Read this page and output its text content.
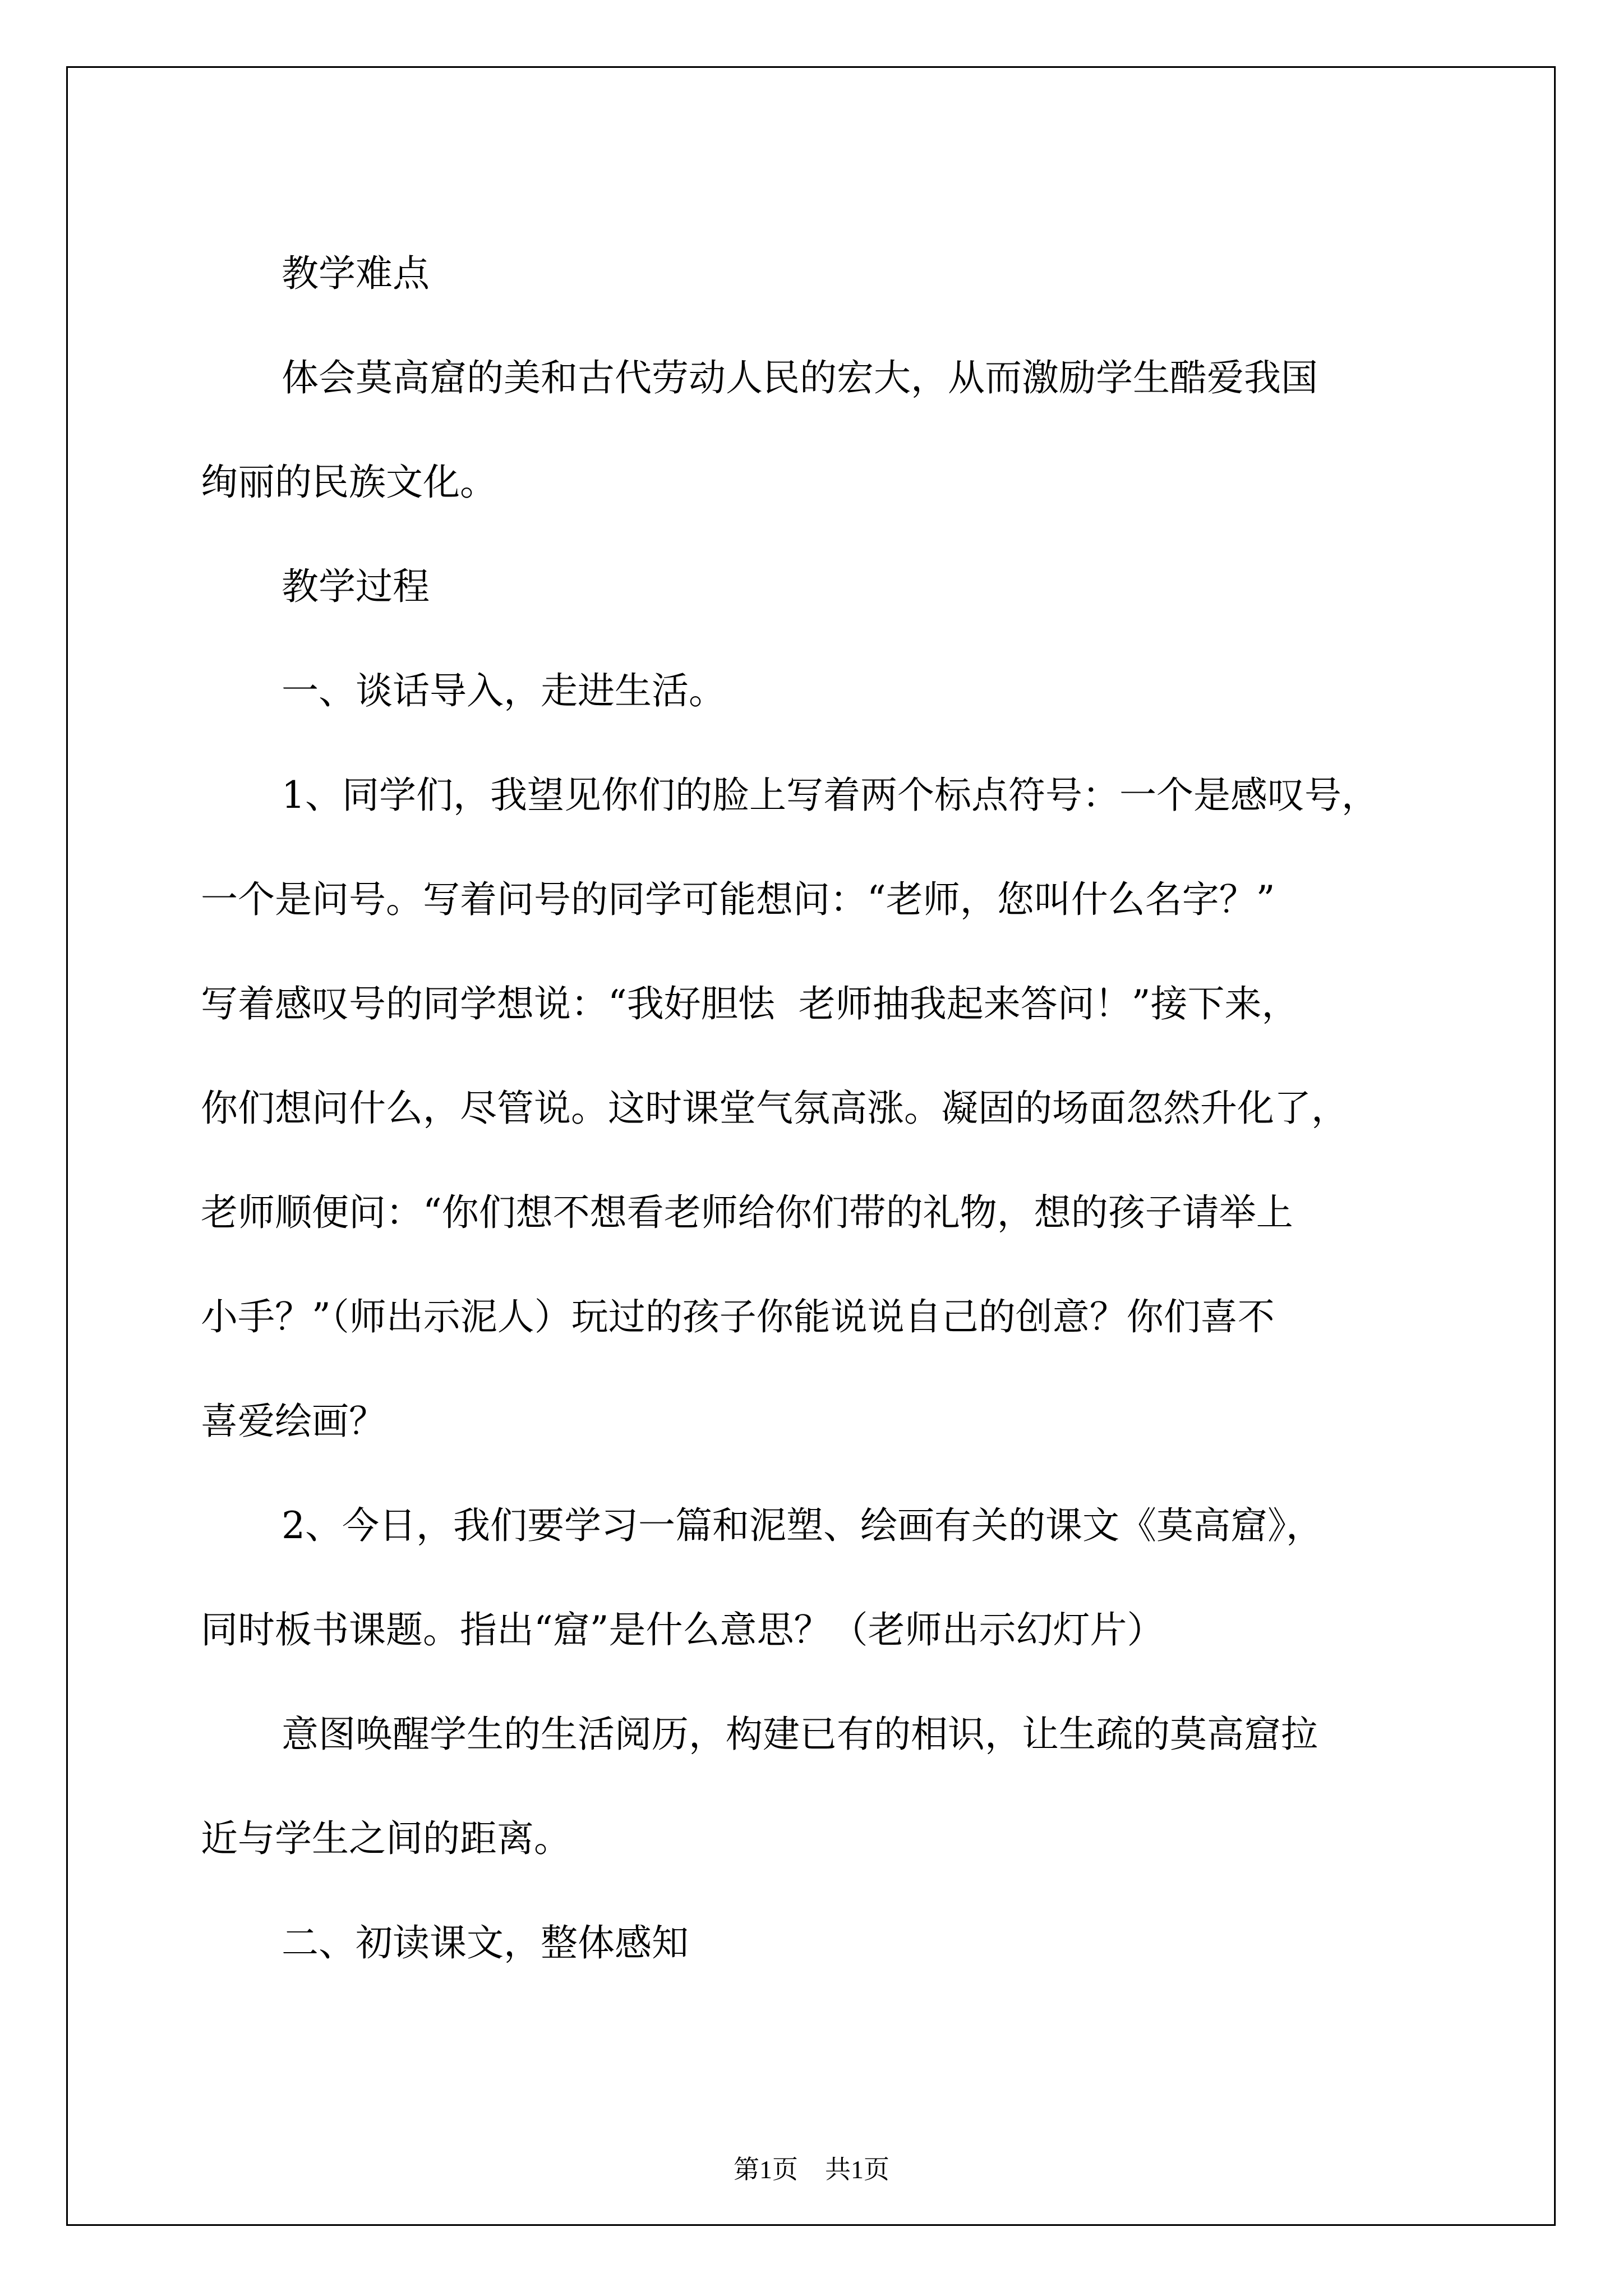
教学难点
体会莫高窟的美和古代劳动人民的宏大，从而激励学生酷爱我国
绚丽的民族文化。
教学过程
一、谈话导入，走进生活。
1、同学们，我望见你们的脸上写着两个标点符号：一个是感叹号，
一个是问号。写着问号的同学可能想问：“老师，您叫什么名字？”
写着感叹号的同学想说：“我好胆怯  老师抽我起来答问！”接下来，
你们想问什么，尽管说。这时课堂气氛高涨。凝固的场面忽然升化了，
老师顺便问：“你们想不想看老师给你们带的礼物，想的孩子请举上
小手？”（师出示泥人）玩过的孩子你能说说自己的创意？你们喜不
喜爱绘画？
2、今日，我们要学习一篇和泥塑、绘画有关的课文《莫高窟》，
同时板书课题。指出“窟”是什么意思？（老师出示幻灯片）
意图唤醒学生的生活阅历，构建已有的相识，让生疏的莫高窟拉
近与学生之间的距离。
二、初读课文，整体感知
第1页 共1页
